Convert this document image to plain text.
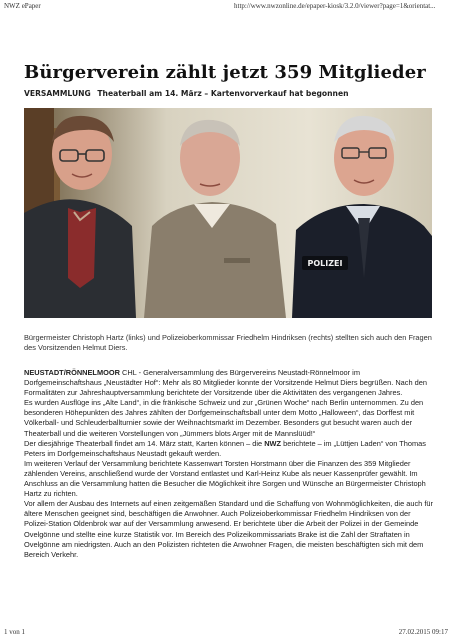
NWZ ePaper	http://www.nwzonline.de/epaper-kiosk/3.2.0/viewer?page=1&orientat...
Bürgerverein zählt jetzt 359 Mitglieder
VERSAMMLUNG Theaterball am 14. März – Kartenvorverkauf hat begonnen
POLIZEI
Bürgermeister Christoph Hartz (links) und Polizeioberkommissar Friedhelm Hindriksen (rechts) stellten sich auch den Fragen des Vorsitzenden Helmut Diers.

NEUSTADT/RÖNNELMOOR CHL - Generalversammlung des Bürgervereins Neustadt-Rönnelmoor im Dorfgemeinschaftshaus „Neustädter Hof“: Mehr als 80 Mitglieder konnte der Vorsitzende Helmut Diers begrüßen. Nach den Formalitäten zur Jahreshauptversammlung berichtete der Vorsitzende über die Aktivitäten des vergangenen Jahres.

Es wurden Ausflüge ins „Alte Land“, in die fränkische Schweiz und zur „Grünen Woche“ nach Berlin unternommen. Zu den besonderen Höhepunkten des Jahres zählten der Dorfgemeinschaftsball unter dem Motto „Halloween“, das Dorffest mit Völkerball- und Schleuderballturnier sowie der Weihnachtsmarkt im Dezember. Besonders gut besucht waren auch der Theaterball und die weiteren Vorstellungen von „Jümmers blots Arger mit de Mannslüüd!“

Der diesjährige Theaterball findet am 14. März statt, Karten können – die NWZ berichtete – im „Lüttjen Laden“ von Thomas Peters im Dorfgemeinschaftshaus Neustadt gekauft werden.

Im weiteren Verlauf der Versammlung berichtete Kassenwart Torsten Horstmann über die Finanzen des 359 Mitglieder zählenden Vereins, anschließend wurde der Vorstand entlastet und Karl-Heinz Kube als neuer Kassenprüfer gewählt. Im Anschluss an die Versammlung hatten die Besucher die Möglichkeit ihre Sorgen und Wünsche an Bürgermeister Christoph Hartz zu richten.

Vor allem der Ausbau des Internets auf einen zeitgemäßen Standard und die Schaffung von Wohnmöglichkeiten, die auch für ältere Menschen geeignet sind, beschäftigen die Anwohner. Auch Polizeioberkommissar Friedhelm Hindriksen von der Polizei-Station Oldenbrok war auf der Versammlung anwesend. Er berichtete über die Arbeit der Polizei in der Gemeinde Ovelgönne und stellte eine kurze Statistik vor. Im Bereich des Polizeikommissariats Brake ist die Zahl der Straftaten in Ovelgönne am niedrigsten. Auch an den Polizisten richteten die Anwohner Fragen, die meisten beschäftigten sich mit dem Bereich Verkehr.

1 von 1	27.02.2015 09:17
